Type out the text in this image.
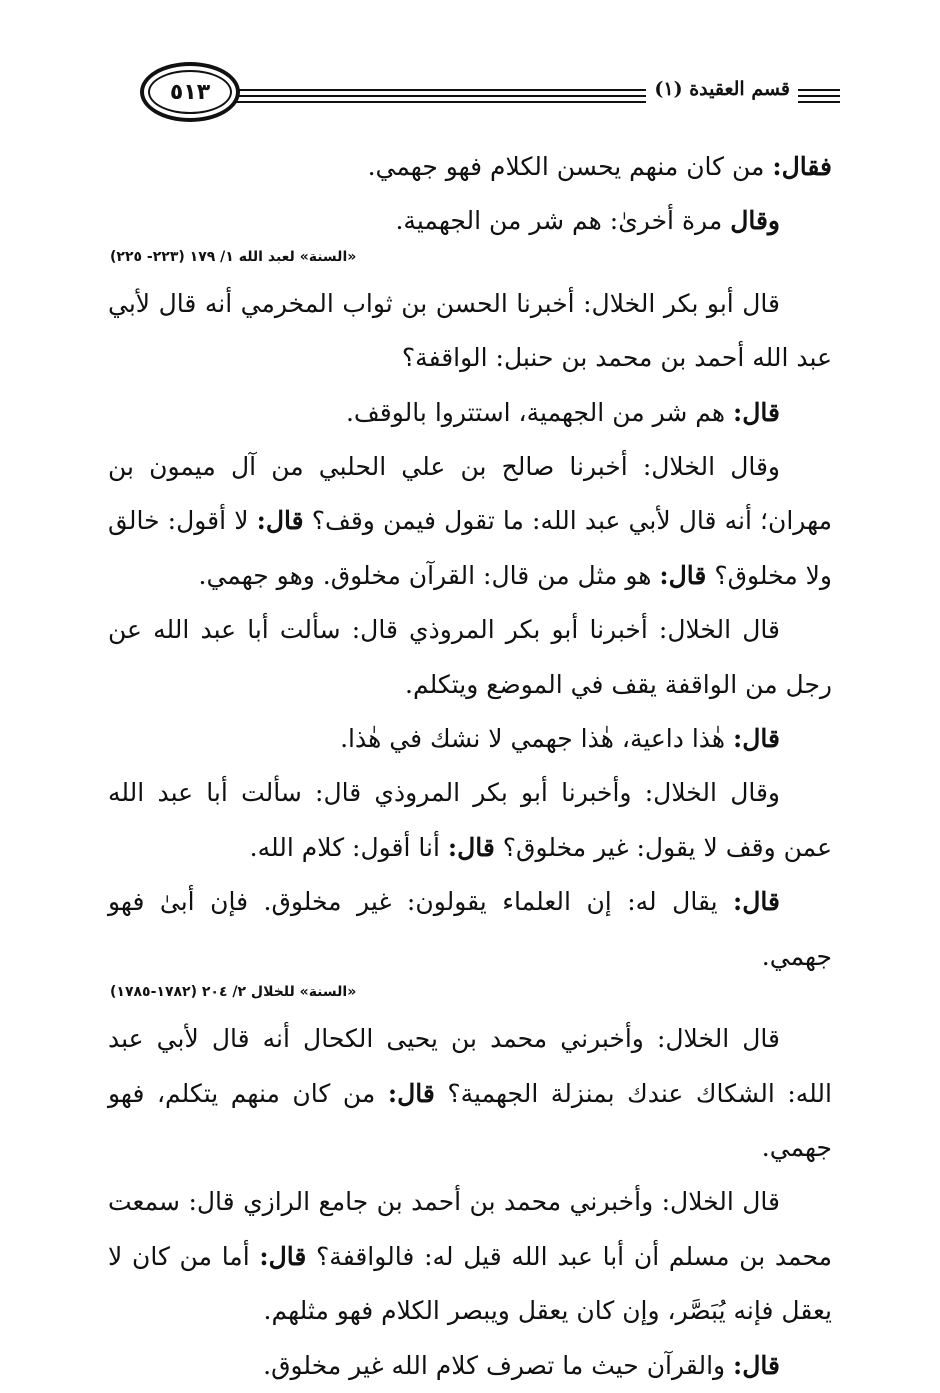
قسم العقيدة (١)
٥١٣

فقال: من كان منهم يحسن الكلام فهو جهمي.

وقال مرة أخرىٰ: هم شر من الجهمية.

«السنة» لعبد الله ١/ ١٧٩ (٢٢٣- ٢٢٥)

قال أبو بكر الخلال: أخبرنا الحسن بن ثواب المخرمي أنه قال لأبي عبد الله أحمد بن محمد بن حنبل: الواقفة؟

قال: هم شر من الجهمية، استتروا بالوقف.

وقال الخلال: أخبرنا صالح بن علي الحلبي من آل ميمون بن مهران؛ أنه قال لأبي عبد الله: ما تقول فيمن وقف؟ قال: لا أقول: خالق ولا مخلوق؟ قال: هو مثل من قال: القرآن مخلوق. وهو جهمي.

قال الخلال: أخبرنا أبو بكر المروذي قال: سألت أبا عبد الله عن رجل من الواقفة يقف في الموضع ويتكلم.

قال: هٰذا داعية، هٰذا جهمي لا نشك في هٰذا.

وقال الخلال: وأخبرنا أبو بكر المروذي قال: سألت أبا عبد الله عمن وقف لا يقول: غير مخلوق؟ قال: أنا أقول: كلام الله.

قال: يقال له: إن العلماء يقولون: غير مخلوق. فإن أبىٰ فهو جهمي.

«السنة» للخلال ٢/ ٢٠٤ (١٧٨٢-١٧٨٥)

قال الخلال: وأخبرني محمد بن يحيى الكحال أنه قال لأبي عبد الله: الشكاك عندك بمنزلة الجهمية؟ قال: من كان منهم يتكلم، فهو جهمي.

قال الخلال: وأخبرني محمد بن أحمد بن جامع الرازي قال: سمعت محمد بن مسلم أن أبا عبد الله قيل له: فالواقفة؟ قال: أما من كان لا يعقل فإنه يُبَصَّر، وإن كان يعقل ويبصر الكلام فهو مثلهم.

قال: والقرآن حيث ما تصرف كلام الله غير مخلوق.
